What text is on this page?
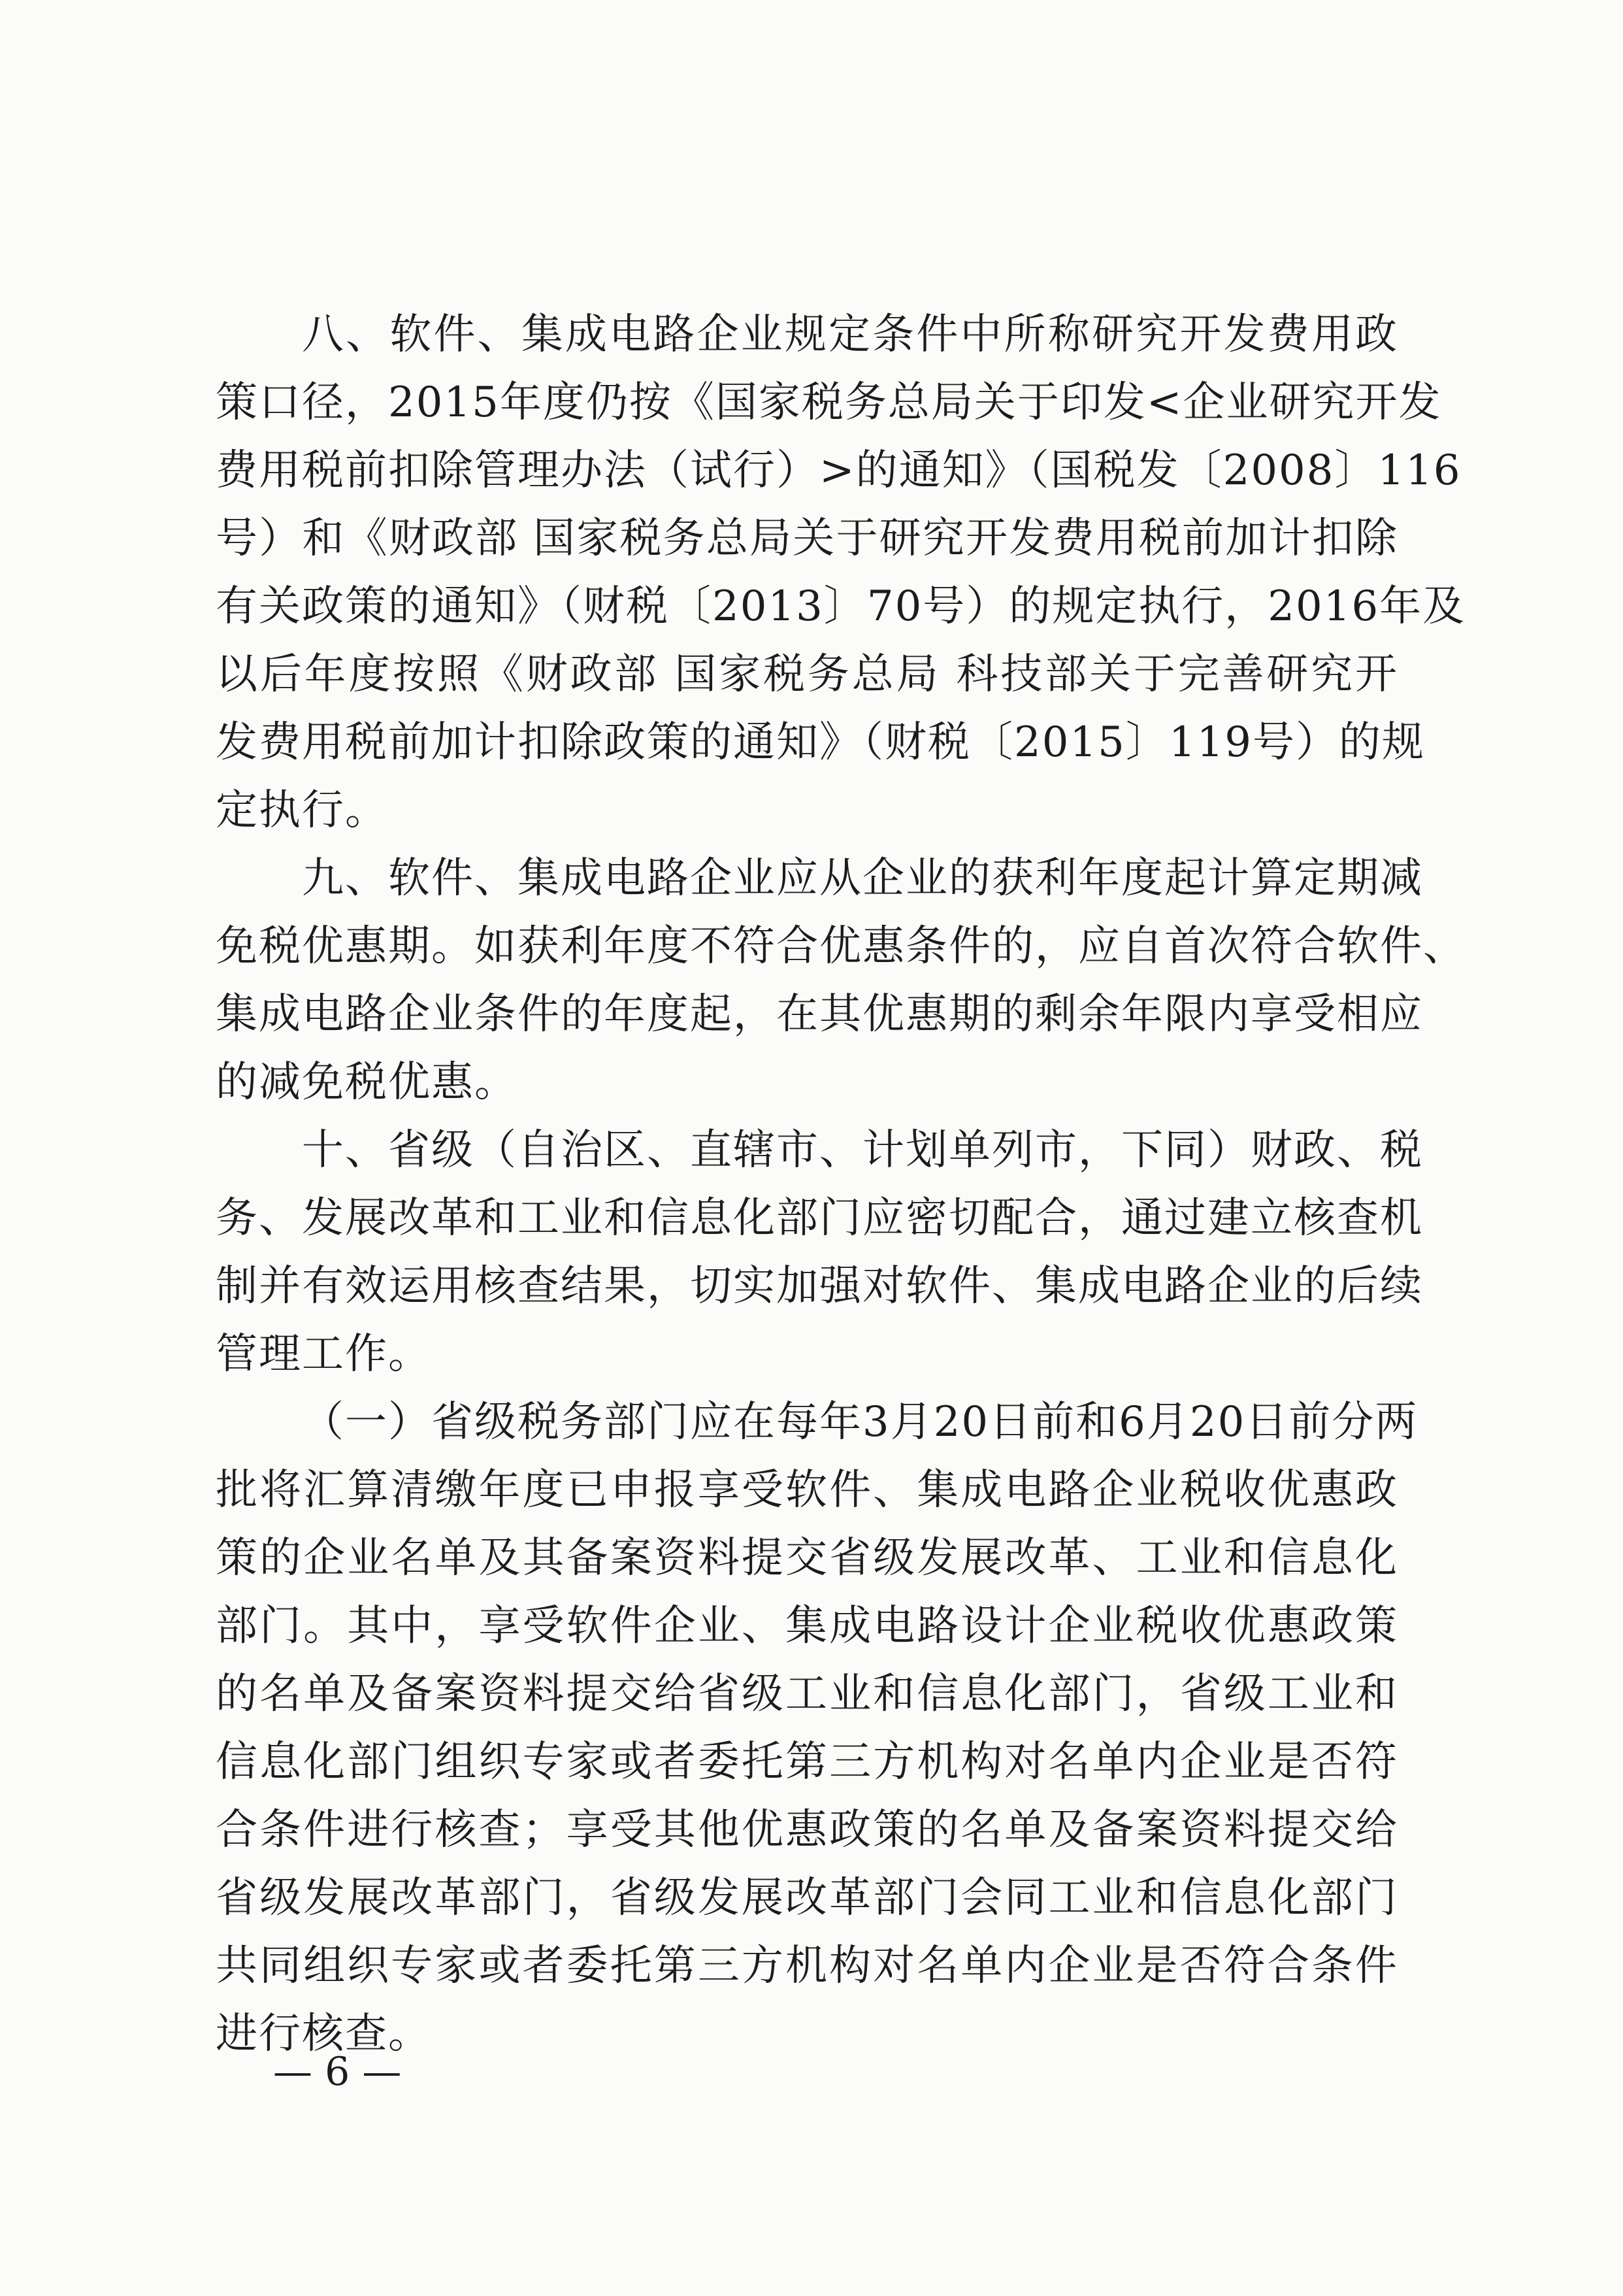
八、软件、集成电路企业规定条件中所称研究开发费用政
策口径，2015年度仍按《国家税务总局关于印发<企业研究开发
费用税前扣除管理办法（试行）>的通知》（国税发〔2008〕116
号）和《财政部 国家税务总局关于研究开发费用税前加计扣除
有关政策的通知》（财税〔2013〕70号）的规定执行，2016年及
以后年度按照《财政部 国家税务总局 科技部关于完善研究开
发费用税前加计扣除政策的通知》（财税〔2015〕119号）的规
定执行。
九、软件、集成电路企业应从企业的获利年度起计算定期减
免税优惠期。如获利年度不符合优惠条件的，应自首次符合软件、
集成电路企业条件的年度起，在其优惠期的剩余年限内享受相应
的减免税优惠。
十、省级（自治区、直辖市、计划单列市，下同）财政、税
务、发展改革和工业和信息化部门应密切配合，通过建立核查机
制并有效运用核查结果，切实加强对软件、集成电路企业的后续
管理工作。
（一）省级税务部门应在每年3月20日前和6月20日前分两
批将汇算清缴年度已申报享受软件、集成电路企业税收优惠政
策的企业名单及其备案资料提交省级发展改革、工业和信息化
部门。其中，享受软件企业、集成电路设计企业税收优惠政策
的名单及备案资料提交给省级工业和信息化部门，省级工业和
信息化部门组织专家或者委托第三方机构对名单内企业是否符
合条件进行核查；享受其他优惠政策的名单及备案资料提交给
省级发展改革部门，省级发展改革部门会同工业和信息化部门
共同组织专家或者委托第三方机构对名单内企业是否符合条件
进行核查。
— 6 —
